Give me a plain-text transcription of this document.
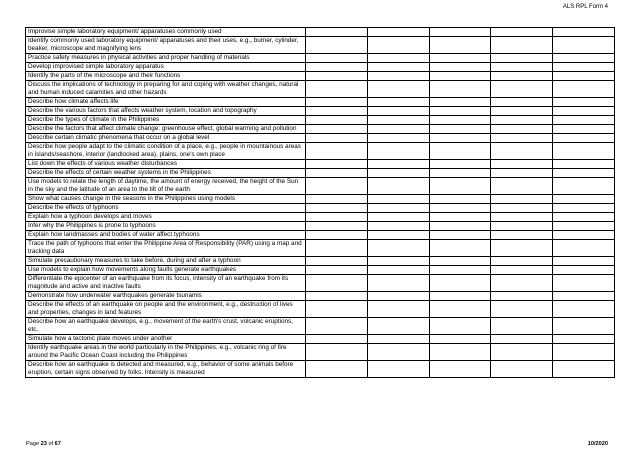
ALS RPL Form 4
Improvise simple laboratory equipment/ apparatuses commonly used					
Identify commonly used laboratory equipment/ apparatuses and their uses, e.g., burner, cylinder, beaker, microscope and magnifying lens					
Practice safety measures in physical activities and proper handling of materials					
Develop improvised simple laboratory apparatus					
Identify the parts of the microscope and their functions					
Discuss the implications of technology in preparing for and coping with weather changes, natural and human induced calamities and other hazards					
Describe how climate affects life					
Describe the various factors that affects weather system, location and topography					
Describe the types of climate in the Philippines					
Describe the factors that affect climate change: greenhouse effect, global warming and pollution					
Describe certain climatic phenomena that occur on a global level					
Describe how people adapt to the climatic condition of a place, e.g., people in mountainous areas in islands/seashore, interior (landlocked area), plains, one's own place					
List down the effects of various weather disturbances					
Describe the effects of certain weather systems in the Philippines					
Use models to relate the length of daytime, the amount of energy received, the height of the Sun in the sky and the latitude of an area to the tilt of the earth					
Show what causes change in the seasons in the Philippines using models					
Describe the effects of typhoons					
Explain how a typhoon develops and moves					
Infer why the Philippines is prone to typhoons					
Explain how landmasses and bodies of water affect typhoons					
Trace the path of typhoons that enter the Philippine Area of Responsibility (PAR) using a map and tracking data					
Simulate precautionary measures to take before, during and after a typhoon					
Use models to explain how movements along faults generate earthquakes					
Differentiate the epicenter of an earthquake from its focus, intensity of an earthquake from its magnitude and active and inactive faults					
Demonstrate how underwater earthquakes generate tsunamis					
Describe the effects of an earthquake on people and the environment, e.g., destruction of lives and properties, changes in land features					
Describe how an earthquake develops, e.g., movement of the earth's crust, volcanic eruptions, etc.					
Simulate how a tectonic plate moves under another					
Identify earthquake areas in the world particularly in the Philippines, e.g., volcanic ring of fire around the Pacific Ocean Coast including the Philippines					
Describe how an earthquake is detected and measured, e.g., behavior of some animals before eruption, certain signs observed by folks. Intensity is measured					
Page 23 of 67	10/2020
